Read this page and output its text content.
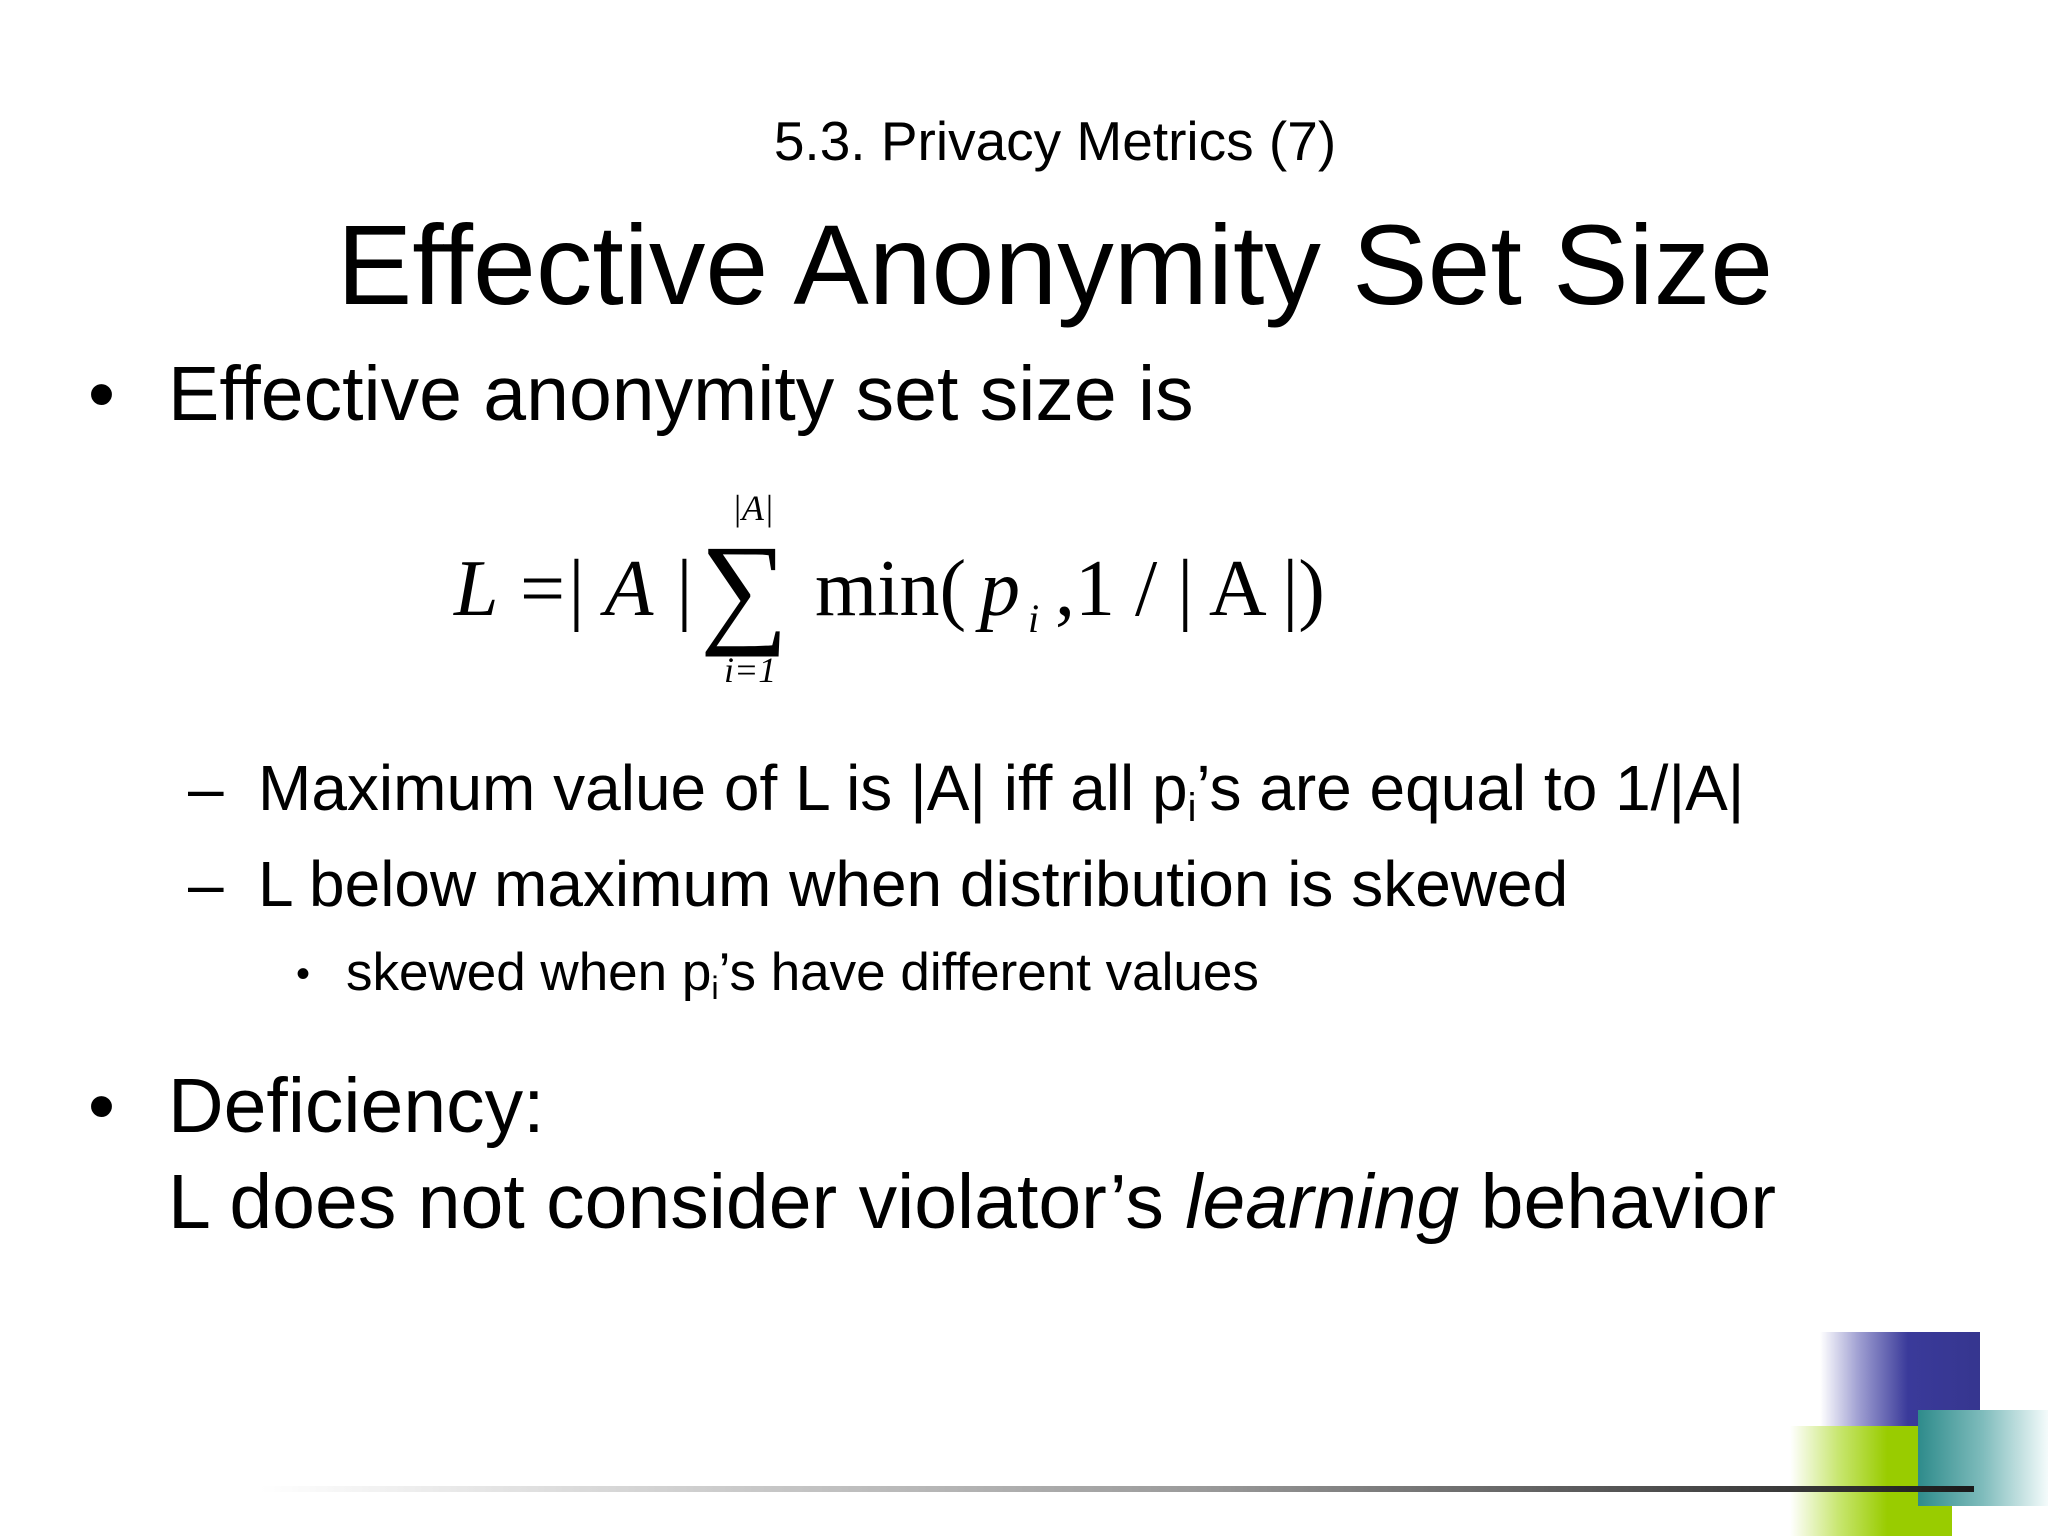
5.3. Privacy Metrics (7)
Effective Anonymity Set Size
• Effective anonymity set size is
L =
| A |
|A|
∑
i=1
min( p i ,1 / | A |)
– Maximum value of L is |A| iff all $p_i’s$ are equal to 1/|A|
– L below maximum when distribution is skewed
• skewed when $p_i’s$ have different values
• Deficiency:
L does not consider violator’s learning behavior
